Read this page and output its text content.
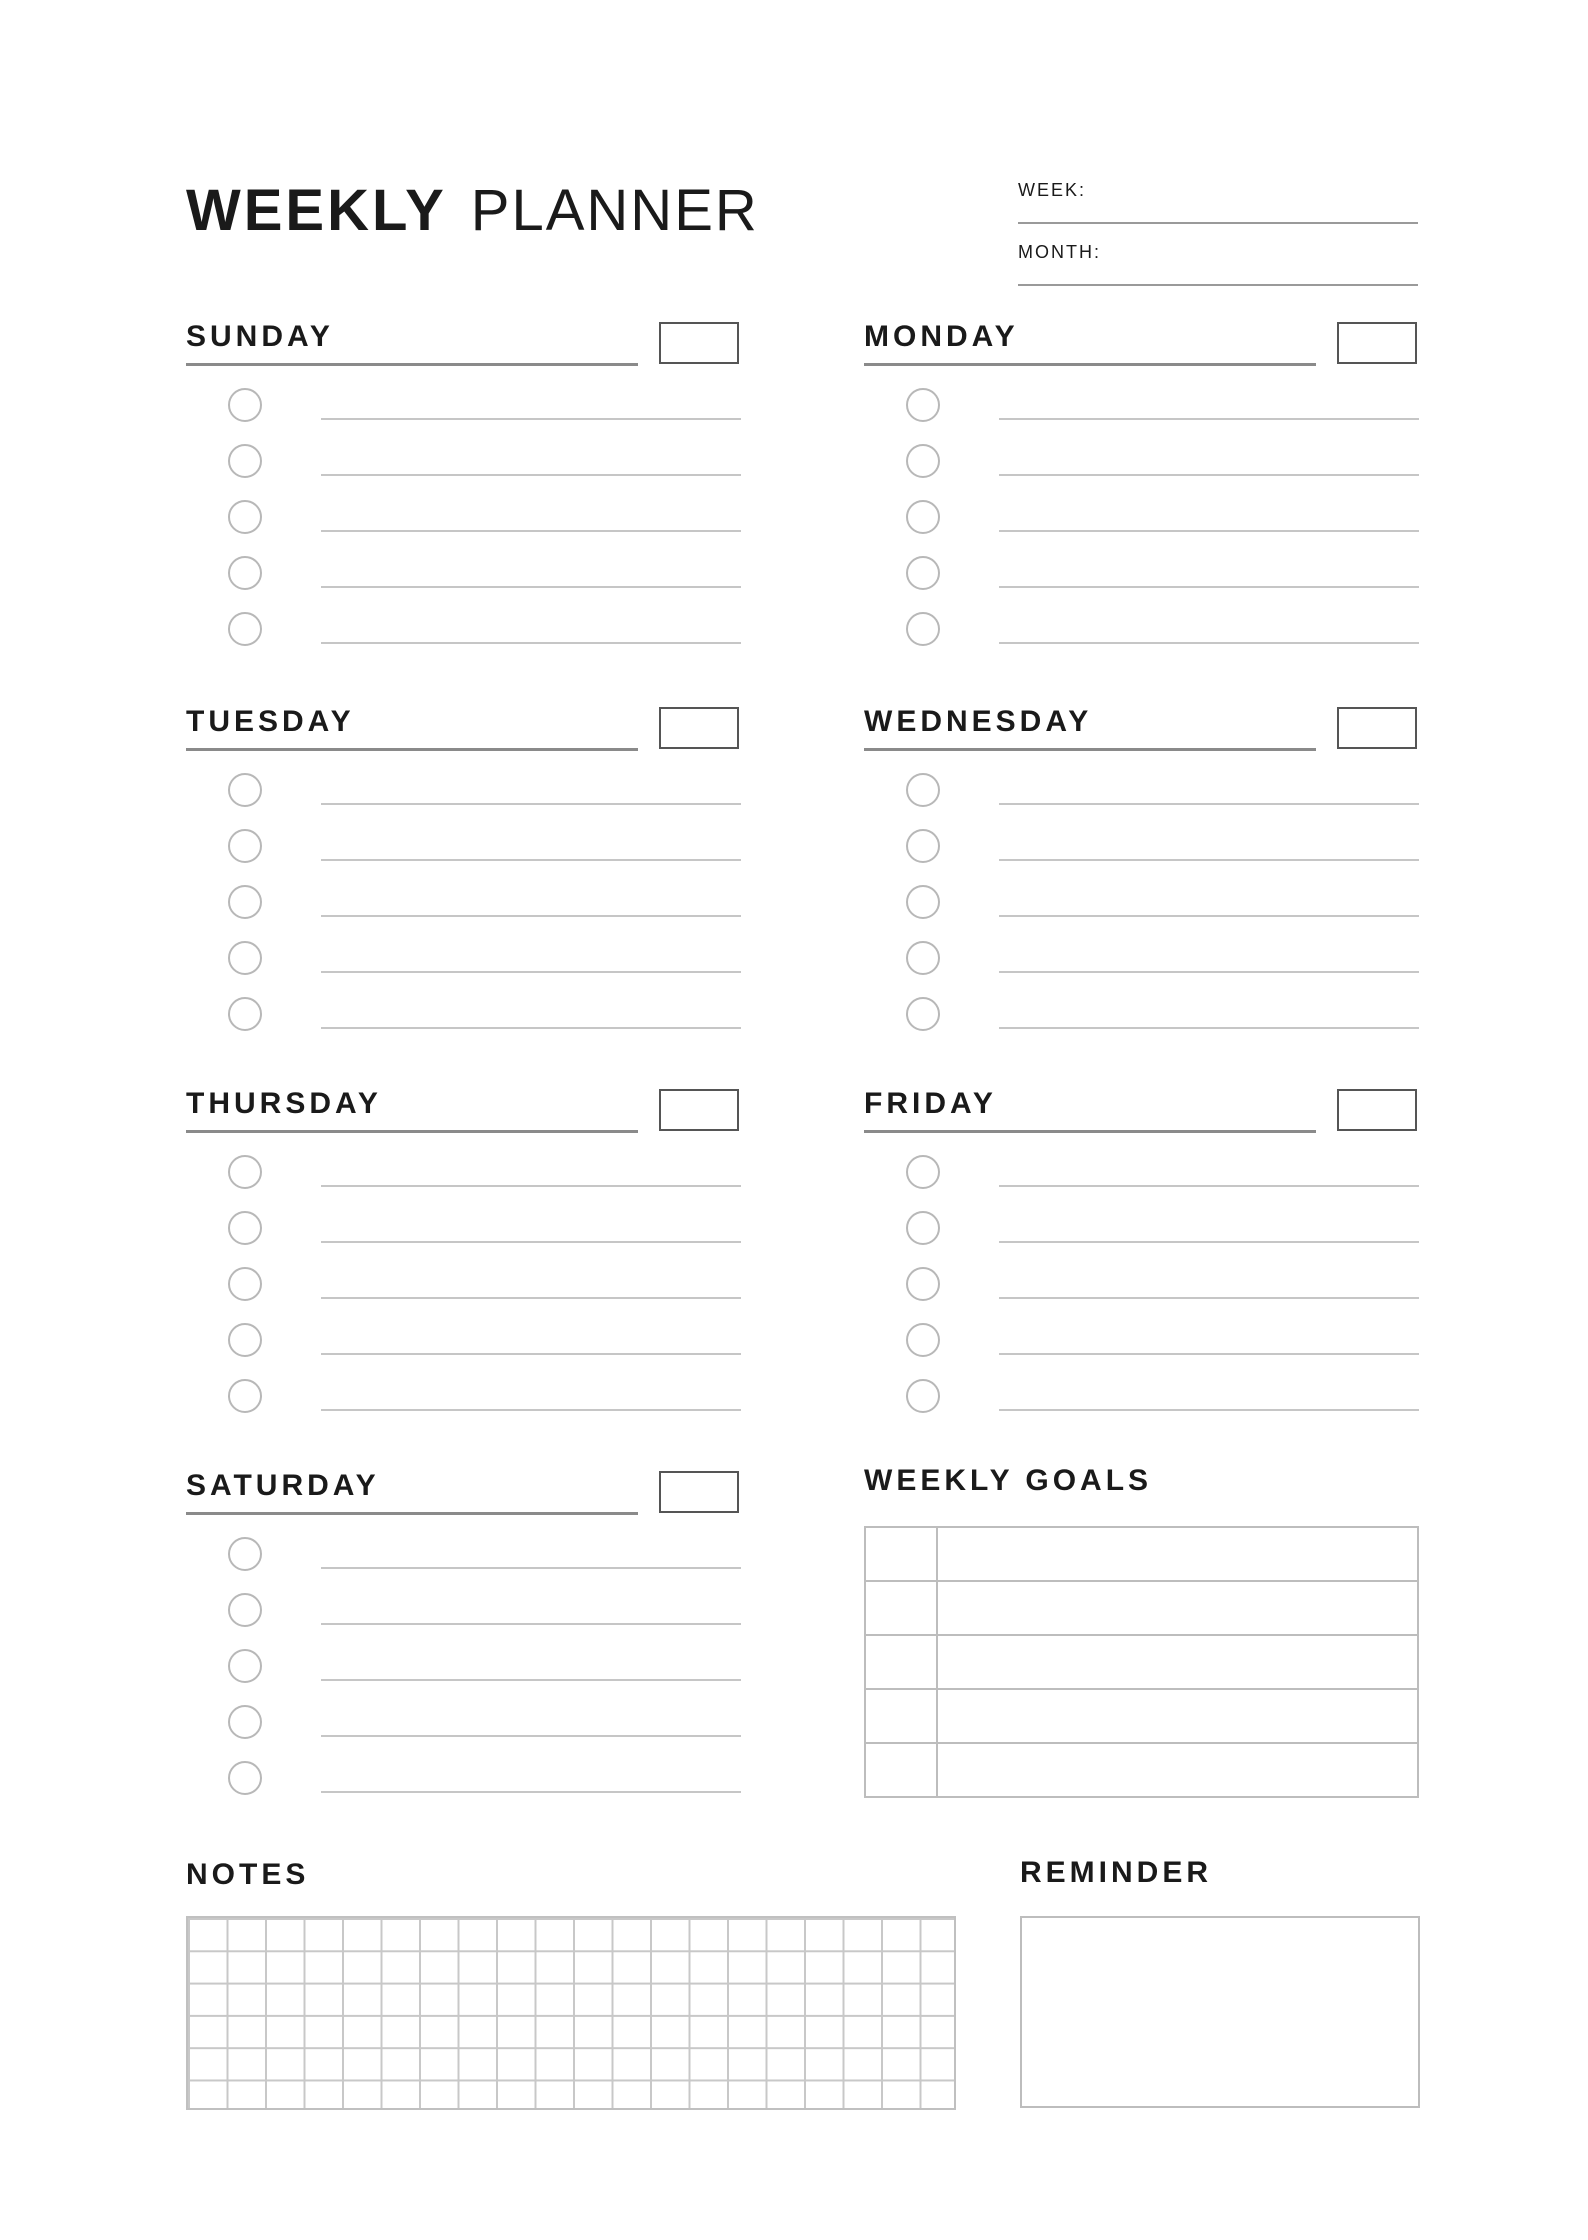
WEEKLY PLANNER	WEEK:
MONTH:
SUNDAY	MONDAY
TUESDAY	WEDNESDAY
THURSDAY	FRIDAY
SATURDAY	WEEKLY GOALS
NOTES	REMINDER
